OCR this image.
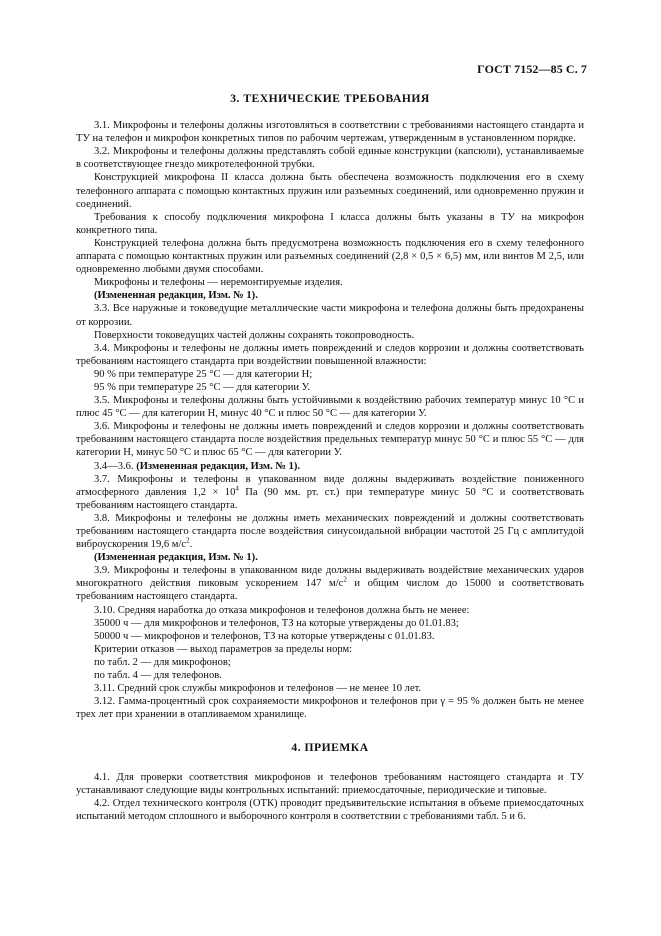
ГОСТ 7152—85 С. 7
3. ТЕХНИЧЕСКИЕ ТРЕБОВАНИЯ

3.1. Микрофоны и телефоны должны изготовляться в соответствии с требованиями настоящего стандарта и ТУ на телефон и микрофон конкретных типов по рабочим чертежам, утвержденным в установленном порядке.

3.2. Микрофоны и телефоны должны представлять собой единые конструкции (капсюли), устанавливаемые в соответствующее гнездо микротелефонной трубки.

Конструкцией микрофона II класса должна быть обеспечена возможность подключения его в схему телефонного аппарата с помощью контактных пружин или разъемных соединений, или одновременно пружин и соединений.

Требования к способу подключения микрофона I класса должны быть указаны в ТУ на микрофон конкретного типа.

Конструкцией телефона должна быть предусмотрена возможность подключения его в схему телефонного аппарата с помощью контактных пружин или разъемных соединений (2,8 × 0,5 × 6,5) мм, или винтов М 2,5, или одновременно любыми двумя способами.

Микрофоны и телефоны — неремонтируемые изделия.

(Измененная редакция, Изм. № 1).

3.3. Все наружные и токоведущие металлические части микрофона и телефона должны быть предохранены от коррозии.

Поверхности токоведущих частей должны сохранять токопроводность.

3.4. Микрофоны и телефоны не должны иметь повреждений и следов коррозии и должны соответствовать требованиям настоящего стандарта при воздействии повышенной влажности:

90 % при температуре 25 °С — для категории Н;

95 % при температуре 25 °С — для категории У.

3.5. Микрофоны и телефоны должны быть устойчивыми к воздействию рабочих температур минус 10 °С и плюс 45 °С — для категории Н, минус 40 °С и плюс 50 °С — для категории У.

3.6. Микрофоны и телефоны не должны иметь повреждений и следов коррозии и должны соответствовать требованиям настоящего стандарта после воздействия предельных температур минус 50 °С и плюс 55 °С — для категории Н, минус 50 °С и плюс 65 °С — для категории У.

3.4—3.6. (Измененная редакция, Изм. № 1).

3.7. Микрофоны и телефоны в упакованном виде должны выдерживать воздействие пониженного атмосферного давления $1,2 \times 10^4$ Па (90 мм. рт. ст.) при температуре минус 50 °С и соответствовать требованиям настоящего стандарта.

3.8. Микрофоны и телефоны не должны иметь механических повреждений и должны соответствовать требованиям настоящего стандарта после воздействия синусоидальной вибрации частотой 25 Гц с амплитудой виброускорения 19,6 $м/с^2$.

(Измененная редакция, Изм. № 1).

3.9. Микрофоны и телефоны в упакованном виде должны выдерживать воздействие механических ударов многократного действия пиковым ускорением 147 $м/с^2$ и общим числом до 15000 и соответствовать требованиям настоящего стандарта.

3.10. Средняя наработка до отказа микрофонов и телефонов должна быть не менее:

35000 ч — для микрофонов и телефонов, ТЗ на которые утверждены до 01.01.83;

50000 ч — микрофонов и телефонов, ТЗ на которые утверждены с 01.01.83.

Критерии отказов — выход параметров за пределы норм:

по табл. 2 — для микрофонов;

по табл. 4 — для телефонов.

3.11. Средний срок службы микрофонов и телефонов — не менее 10 лет.

3.12. Гамма-процентный срок сохраняемости микрофонов и телефонов при γ = 95 % должен быть не менее трех лет при хранении в отапливаемом хранилище.

4. ПРИЕМКА

4.1. Для проверки соответствия микрофонов и телефонов требованиям настоящего стандарта и ТУ устанавливают следующие виды контрольных испытаний: приемосдаточные, периодические и типовые.

4.2. Отдел технического контроля (ОТК) проводит предъявительские испытания в объеме приемосдаточных испытаний методом сплошного и выборочного контроля в соответствии с требованиями табл. 5 и 6.
